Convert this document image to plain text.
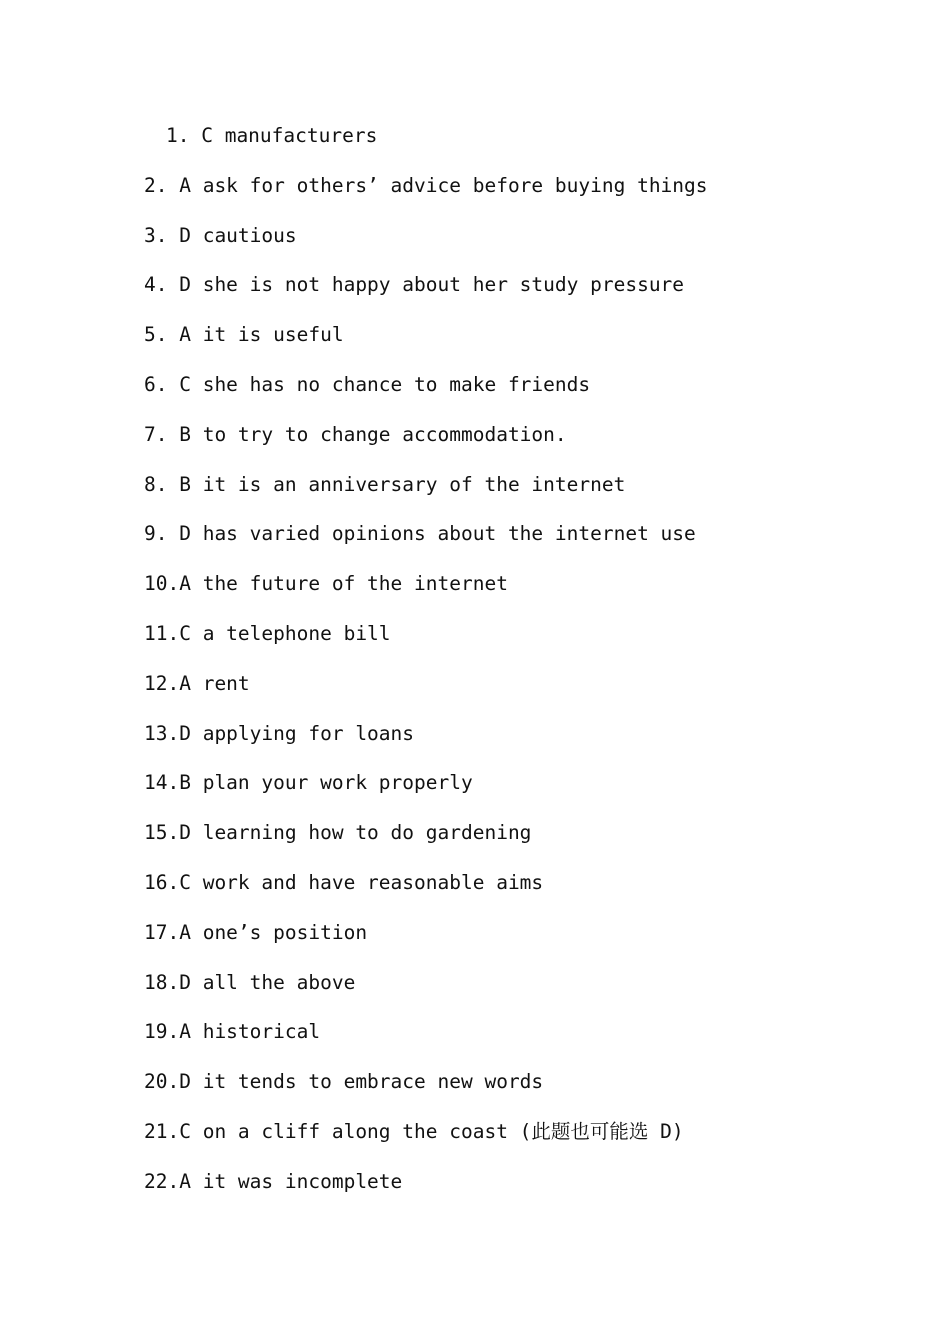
1. C manufacturers
2. A ask for others’ advice before buying things
3. D cautious
4. D she is not happy about her study pressure
5. A it is useful
6. C she has no chance to make friends
7. B to try to change accommodation.
8. B it is an anniversary of the internet
9. D has varied opinions about the internet use
10.A the future of the internet
11.C a telephone bill
12.A rent
13.D applying for loans
14.B plan your work properly
15.D learning how to do gardening
16.C work and have reasonable aims
17.A one’s position
18.D all the above
19.A historical
20.D it tends to embrace new words
21.C on a cliff along the coast (此题也可能选 D)
22.A it was incomplete
